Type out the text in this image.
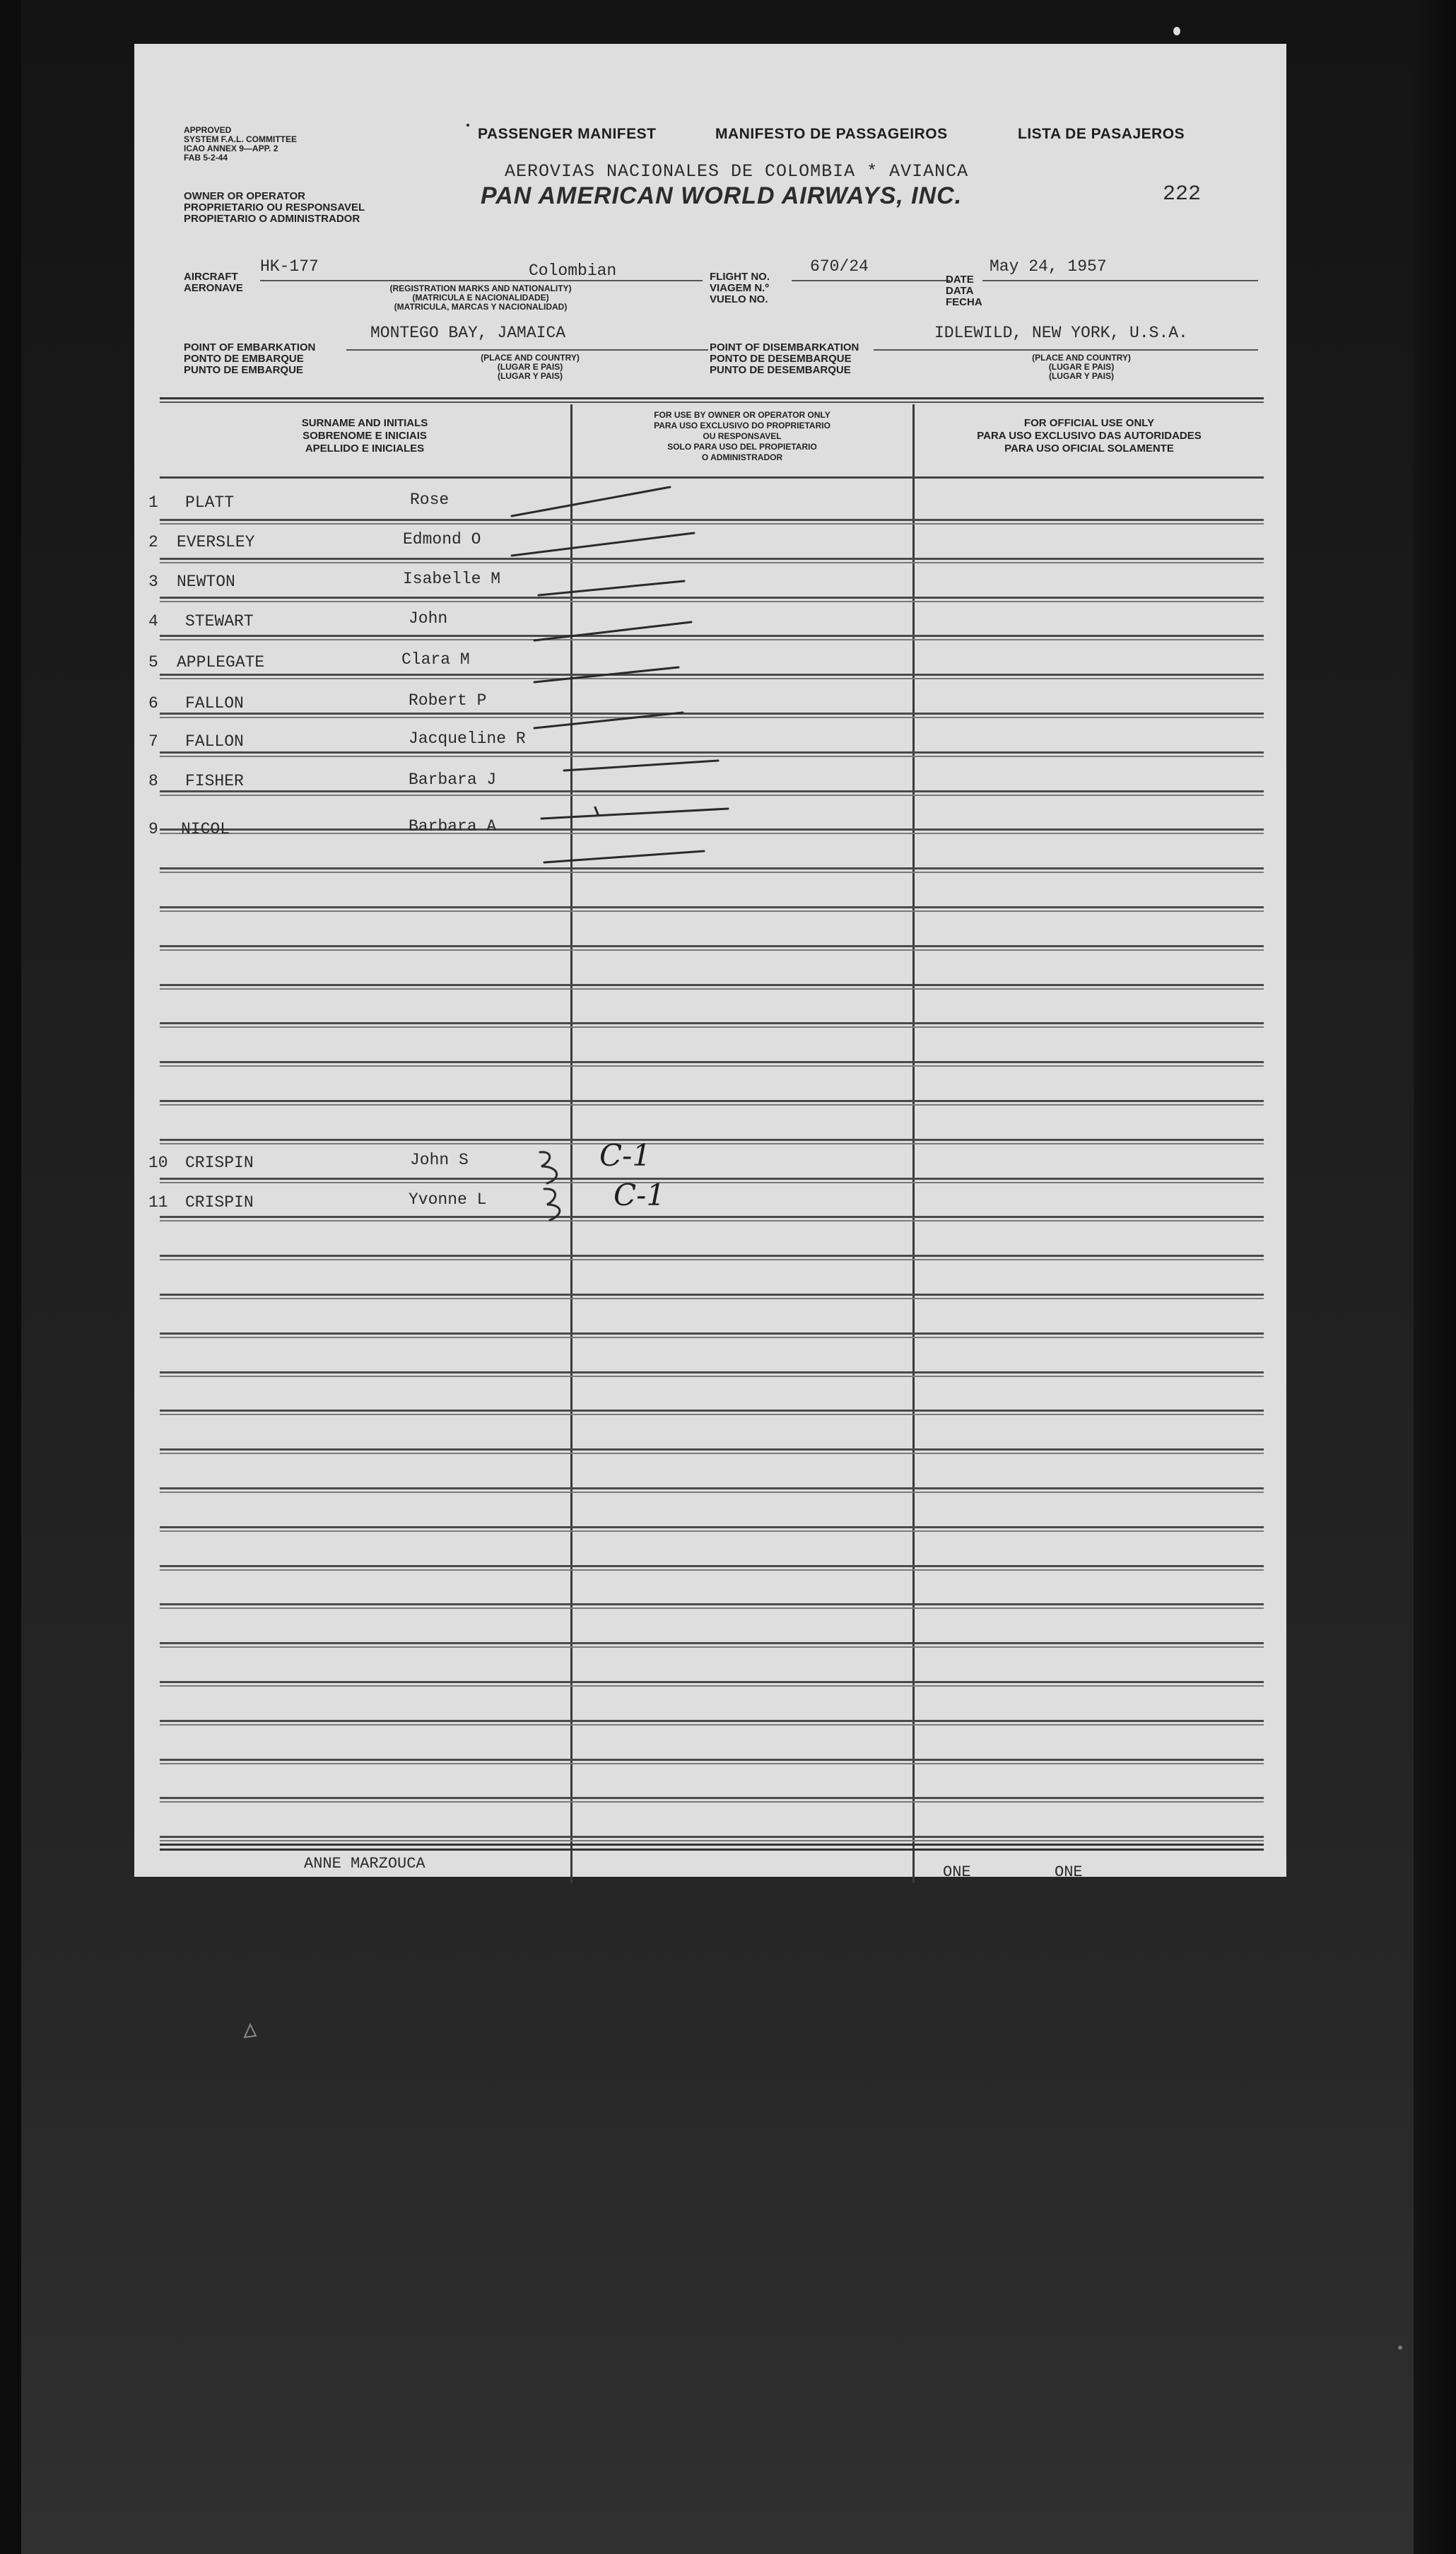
APPROVED
SYSTEM F.A.L. COMMITTEE
ICAO ANNEX 9—APP. 2
FAB 5-2-44
OWNER OR OPERATOR
PROPRIETARIO OU RESPONSAVEL
PROPIETARIO O ADMINISTRADOR
PASSENGER MANIFEST	MANIFESTO DE PASSAGEIROS	LISTA DE PASAJEROS
AEROVIAS NACIONALES DE COLOMBIA * AVIANCA
PAN AMERICAN WORLD AIRWAYS, INC.	222
AIRCRAFT
AERONAVE
HK-177	Colombian
(REGISTRATION MARKS AND NATIONALITY)
(MATRICULA E NACIONALIDADE)
(MATRICULA, MARCAS Y NACIONALIDAD)
FLIGHT NO.
VIAGEM N.º
VUELO NO.
670/24
DATE
DATA
FECHA
May 24, 1957
MONTEGO BAY, JAMAICA
POINT OF EMBARKATION
PONTO DE EMBARQUE
PUNTO DE EMBARQUE
(PLACE AND COUNTRY)
(LUGAR E PAIS)
(LUGAR Y PAIS)
IDLEWILD, NEW YORK, U.S.A.
POINT OF DISEMBARKATION
PONTO DE DESEMBARQUE
PUNTO DE DESEMBARQUE
(PLACE AND COUNTRY)
(LUGAR E PAIS)
(LUGAR Y PAIS)
SURNAME AND INITIALS
SOBRENOME E INICIAIS
APELLIDO E INICIALES
FOR USE BY OWNER OR OPERATOR ONLY
PARA USO EXCLUSIVO DO PROPRIETARIO
OU RESPONSAVEL
SOLO PARA USO DEL PROPIETARIO
O ADMINISTRADOR
FOR OFFICIAL USE ONLY
PARA USO EXCLUSIVO DAS AUTORIDADES
PARA USO OFICIAL SOLAMENTE
1 PLATT	Rose
2 EVERSLEY	Edmond O
3 NEWTON	Isabelle M
4 STEWART	John
5 APPLEGATE	Clara M
6 FALLON	Robert P
7 FALLON	Jacqueline R
8 FISHER	Barbara J
9 NICOL	Barbara A
10 CRISPIN	John S	C-1
11 CRISPIN	Yvonne L	C-1
ANNE MARZOUCA	ONE	ONE
